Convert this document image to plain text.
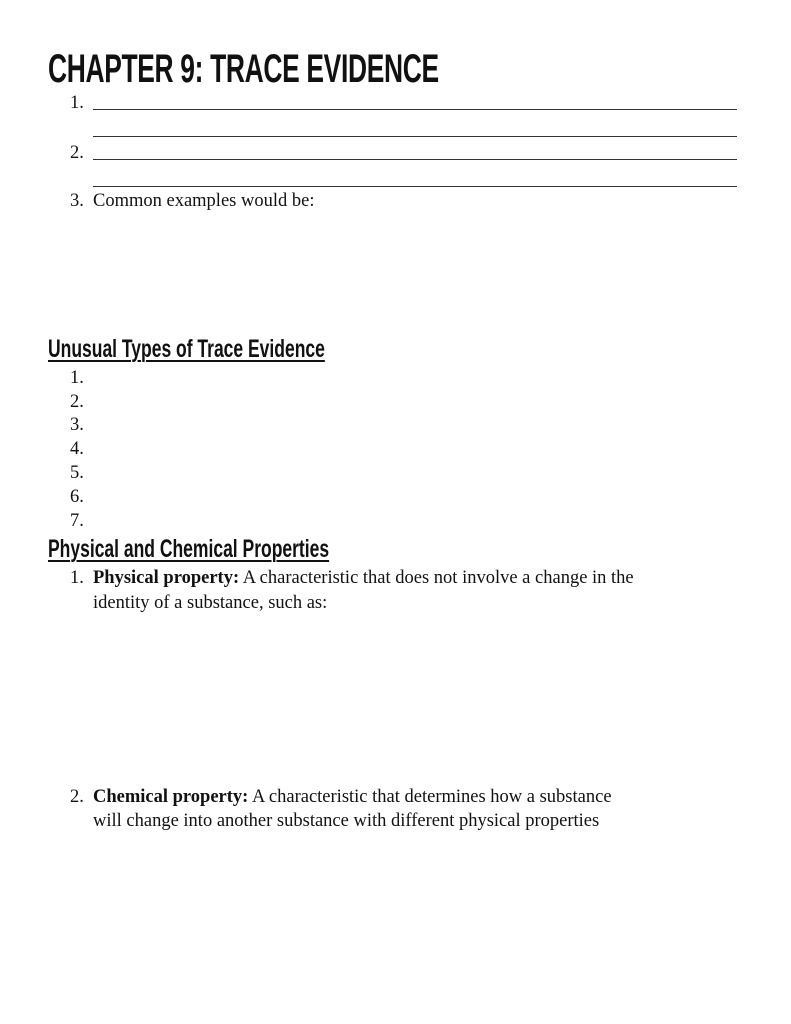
CHAPTER 9: TRACE EVIDENCE
1.
2.
3. Common examples would be:
Unusual Types of Trace Evidence
1.
2.
3.
4.
5.
6.
7.
Physical and Chemical Properties
1. Physical property: A characteristic that does not involve a change in the
identity of a substance, such as:
2. Chemical property: A characteristic that determines how a substance
will change into another substance with different physical properties
